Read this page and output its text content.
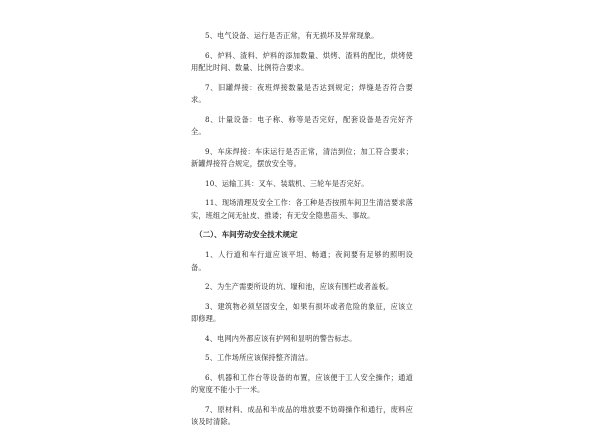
5、电气设备、运行是否正常，有无损坏及异常现象。

6、炉料、渣料、炉料的添加数量、烘烤、渣料的配比，烘烤使用配比时间、数量、比例符合要求。

7、旧罐焊接：夜班焊接数量是否达到规定；焊缝是否符合要求。

8、计量设备：电子称、称等是否完好，配套设备是否完好齐全。

9、车床焊接：车床运行是否正常，清洁到位；加工符合要求；新罐焊接符合规定，摆放安全等。

10、运输工具：叉车、装载机、三轮车是否完好。

11、现场清理及安全工作：各工种是否按照车间卫生清洁要求落实，班组之间无扯皮、推诿；有无安全隐患苗头、事故。

（二）、车间劳动安全技术规定

1、人行道和车行道应该平坦、畅通；夜间要有足够的照明设备。

2、为生产需要所设的坑、壕和池，应该有围栏或者盖板。

3、建筑物必须坚固安全，如果有损坏或者危险的象征，应该立即修理。

4、电网内外都应该有护网和显明的警告标志。

5、工作场所应该保持整齐清洁。

6、机器和工作台等设备的布置，应该便于工人安全操作；通道的宽度不能小于一米。

7、原材料、成品和半成品的堆放要不妨碍操作和通行，废料应该及时清除。
